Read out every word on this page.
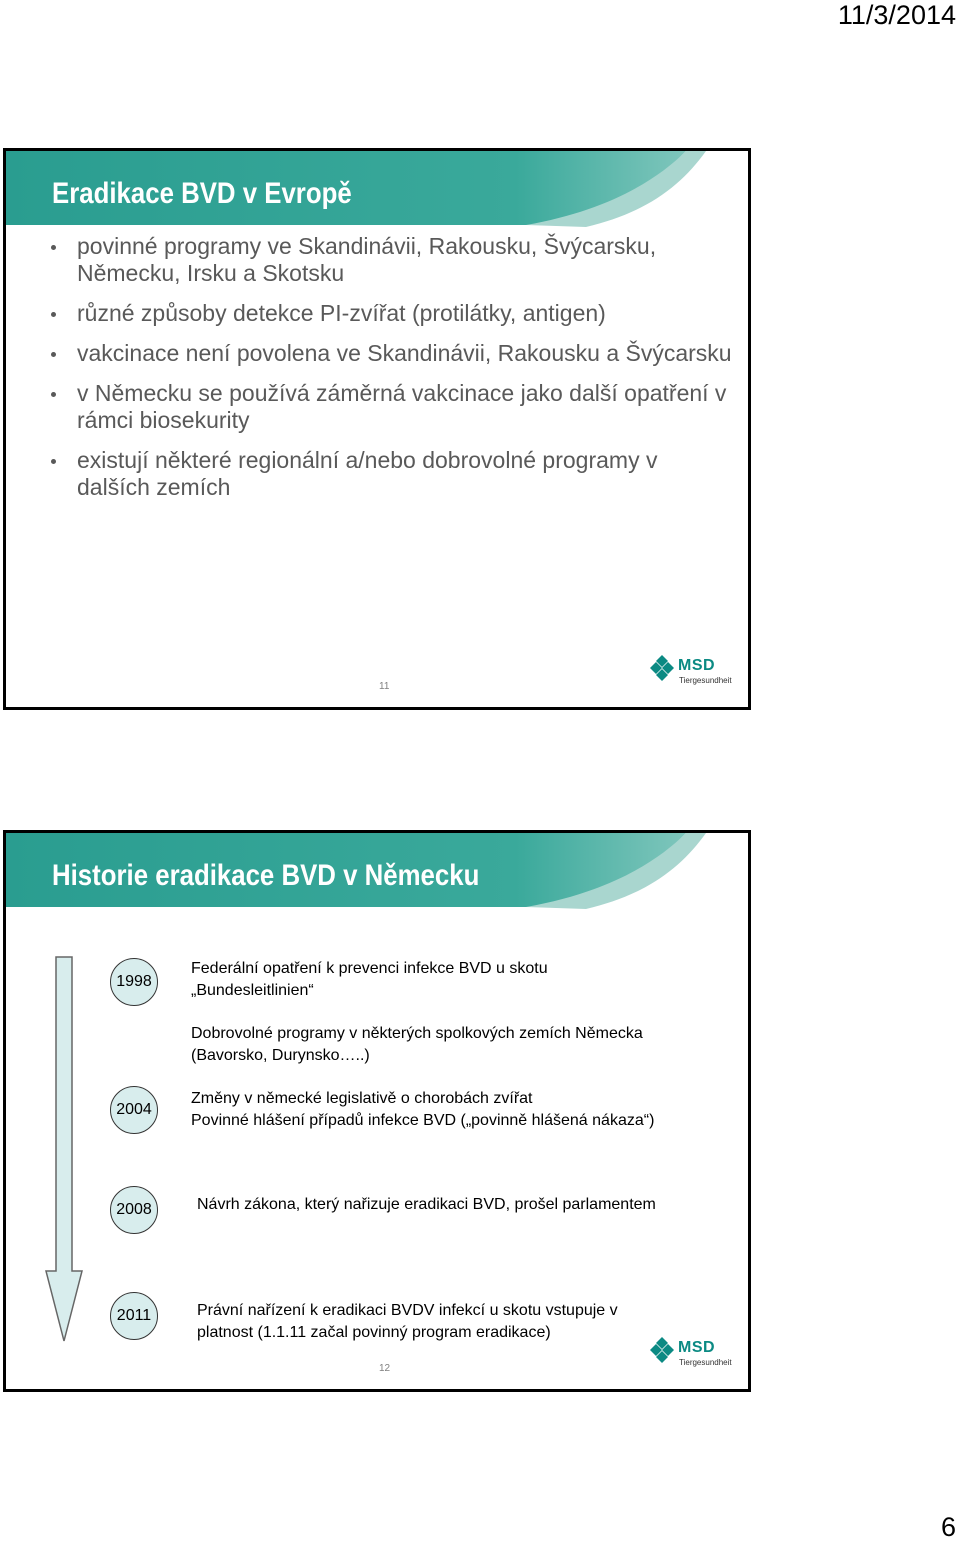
11/3/2014
Eradikace BVD v Evropě
povinné programy ve Skandinávii, Rakousku, Švýcarsku, Německu, Irsku a Skotsku
různé způsoby detekce PI-zvířat (protilátky, antigen)
vakcinace není povolena ve Skandinávii, Rakousku a Švýcarsku
v Německu se používá záměrná vakcinace jako další opatření v rámci biosekurity
existují některé regionální a/nebo dobrovolné programy v dalších zemích
11
MSD
Tiergesundheit
Historie eradikace BVD v Německu
1998
2004
2008
2011
Federální opatření k prevenci infekce BVD u skotu
„Bundesleitlinien“
Dobrovolné programy v některých spolkových zemích Německa
(Bavorsko, Durynsko…..)
Změny v německé legislativě o chorobách zvířat
Povinné hlášení případů infekce BVD („povinně hlášená nákaza“)
Návrh zákona, který nařizuje eradikaci BVD, prošel parlamentem
Právní nařízení k eradikaci BVDV infekcí u skotu vstupuje v
platnost (1.1.11 začal povinný program eradikace)
12
MSD
Tiergesundheit
6
